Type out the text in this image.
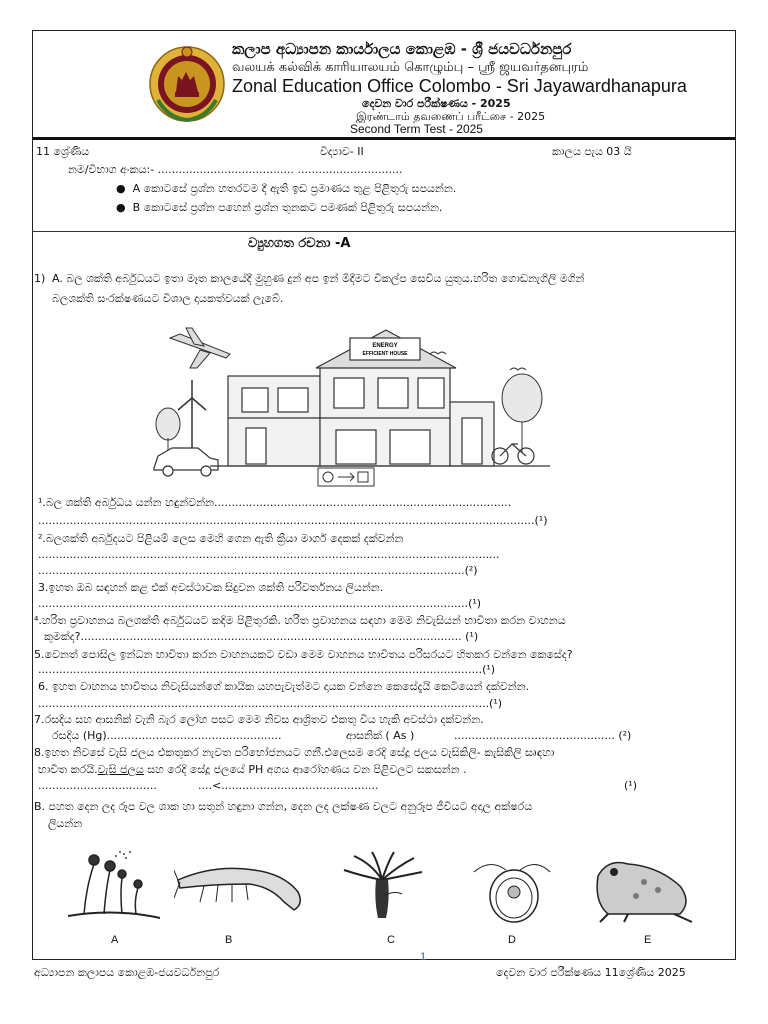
කලාප අධ්‍යාපන කාර්යාලය කොළඹ - ශ්‍රී ජයවර්ධනපුර
வலயக் கல்விக் காரியாலயம் கொழும்பு – ஸ்ரீ ஜயவர்தனபுரம்
Zonal Education Office Colombo - Sri Jayawardhanapura
දෙවන වාර පරීක්ෂණය - 2025
இரண்டாம் தவணைப் பரீட்சை - 2025
Second Term Test - 2025
11 ශ්‍රේණිය	විද්‍යාව- II	කාලය පැය 03 යි
නම/විභාග අංකය:- ....................................... ..............................
●  A කොටසේ ප්‍රශ්න හතරටම දී ඇති ඉඩ ප්‍රමාණය තුළ පිළිතුරු සපයන්න.
●  B කොටසේ ප්‍රශ්න පහෙන් ප්‍රශ්න තුනකට පමණක් පිළිතුරු සපයන්න.
ව්‍යුහගත රචනා -A
1) A. බල ශක්ති අර්බුධයට ඉතා මෑත කාලයේදී මුහුණ දුන් අප ඉන් මිදීමට විකල්ප සෙවිය යුතුය.හරිත ගොඩනැගිලි මගින්
බලශක්ති සංරක්ෂණයට විශාල දායකත්වයක් ලැබේ.
ENERGY
EFFICIENT HOUSE
¹.බල ශක්ති අර්බුධය යන්න හඳුන්වන්න.....................................................................................
..............................................................................................................................................(¹)
².බලශක්ති අර්බුදයට පිළියම් ලෙස මෙහි ගෙන ඇති ක්‍රියා මාර්ග දෙකක් දක්වන්න
....................................................................................................................................
..........................................................................................................................(²)
3.ඉහත ඔබ සඳහන් කළ එක් අවස්ථාවක සිදුවන ශක්ති පරිවර්තනය ලියන්න.
...........................................................................................................................(¹)
⁴.හරිත ප්‍රවාහනය බලශක්ති අර්බුධයට කදිම පිළිතුරකි. හරිත ප්‍රවාහනය සඳහා මෙම නිවැසියන් භාවිතා කරන වාහනය
කුමක්ද?............................................................................................................. (¹)
5.වෙනත් පොසිල ඉන්ධන භාවිතා කරන වාහනයකට වඩා මෙම වාහනය භාවිතය පරිසරයට හිතකර වන්නෙ කෙසේද?
...............................................................................................................................(¹)
6. ඉහත වාහනය භාවිතය නිවැසියන්ගේ කායික යහපැවැත්මට දායක වන්නෙ කෙසේදැයි කෙටියෙන් දක්වන්න.
.................................................................................................................................(¹)
7.රසදිය සහ ආසනික් වැනි බැර ලෝහ පසට මෙම නිවස ආශ්‍රිතව එකතු විය හැකි අවස්ථා දක්වන්න.
රසදිය (Hg)..................................................	ආසනික් ( As )	.............................................. (²)
8.ඉහත නිවසේ වැසි ජලය එකතුකර නැවත පරිභෝජනයට ගනී.එලෙසම රෙදි සේදූ ජලය වැසිකිලි- කැසිකිලි සෘඳහා
භාවිත කරයි.වැසි ජලය සහ රෙදි සේදූ ජලයේ PH අගය ආරෝහණය වන පිළිවලට සකසන්න .
..................................	....<.............................................	(¹)
B. පහත දෙන ලද රූප වල ශාක හා සතුන් හඳුනා ගන්න, දෙන ලද ලක්ෂණ වලට අනුරූප ජීවියට අදාල අක්ෂරය
ලියන්න
A	B	C	D	E
1
අධ්‍යාපන කලාපය කොළඹ-ජයවර්ධනපුර	දෙවන වාර පරීක්ෂණය 11ශ්‍රේණිය 2025
